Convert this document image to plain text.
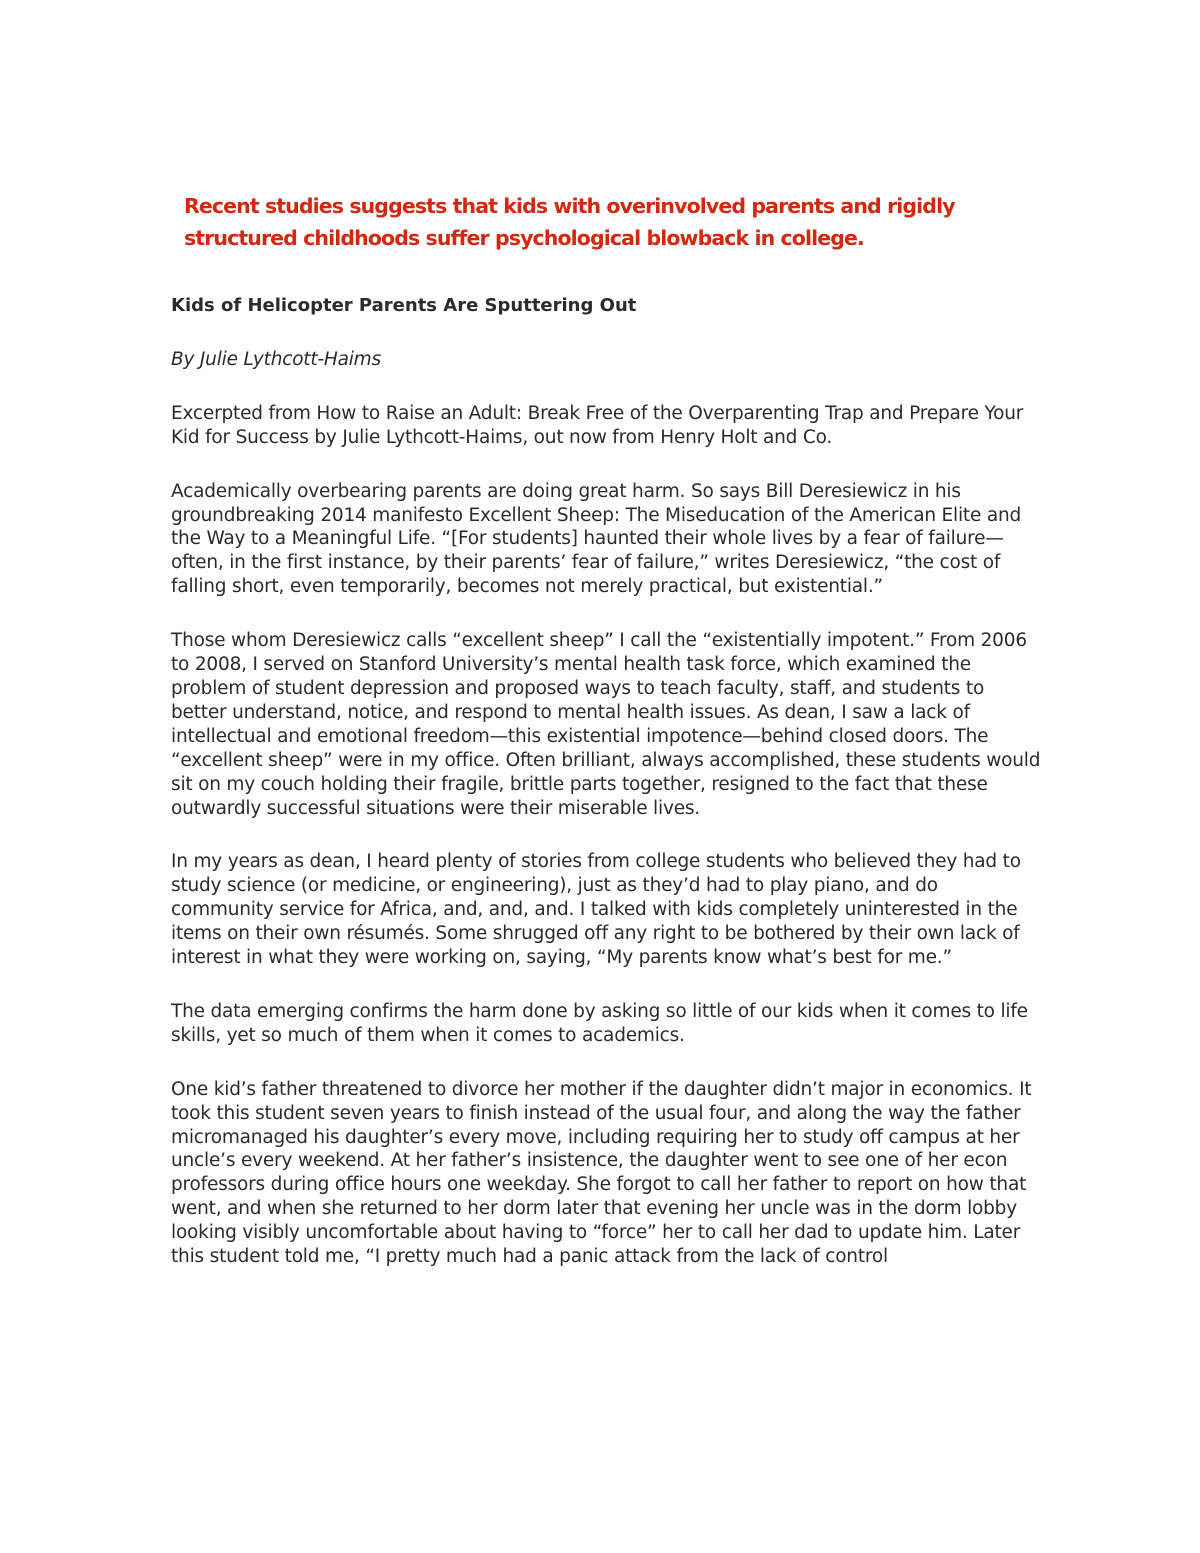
Recent studies suggests that kids with overinvolved parents and rigidly structured childhoods suffer psychological blowback in college.

Kids of Helicopter Parents Are Sputtering Out

By Julie Lythcott-Haims

Excerpted from How to Raise an Adult: Break Free of the Overparenting Trap and Prepare Your Kid for Success by Julie Lythcott-Haims, out now from Henry Holt and Co.

Academically overbearing parents are doing great harm. So says Bill Deresiewicz in his groundbreaking 2014 manifesto Excellent Sheep: The Miseducation of the American Elite and the Way to a Meaningful Life. “[For students] haunted their whole lives by a fear of failure—often, in the first instance, by their parents’ fear of failure,” writes Deresiewicz, “the cost of falling short, even temporarily, becomes not merely practical, but existential.”

Those whom Deresiewicz calls “excellent sheep” I call the “existentially impotent.” From 2006 to 2008, I served on Stanford University’s mental health task force, which examined the problem of student depression and proposed ways to teach faculty, staff, and students to better understand, notice, and respond to mental health issues. As dean, I saw a lack of intellectual and emotional freedom—this existential impotence—behind closed doors. The “excellent sheep” were in my office. Often brilliant, always accomplished, these students would sit on my couch holding their fragile, brittle parts together, resigned to the fact that these outwardly successful situations were their miserable lives.

In my years as dean, I heard plenty of stories from college students who believed they had to study science (or medicine, or engineering), just as they’d had to play piano, and do community service for Africa, and, and, and. I talked with kids completely uninterested in the items on their own résumés. Some shrugged off any right to be bothered by their own lack of interest in what they were working on, saying, “My parents know what’s best for me.”

The data emerging confirms the harm done by asking so little of our kids when it comes to life skills, yet so much of them when it comes to academics.

One kid’s father threatened to divorce her mother if the daughter didn’t major in economics. It took this student seven years to finish instead of the usual four, and along the way the father micromanaged his daughter’s every move, including requiring her to study off campus at her uncle’s every weekend. At her father’s insistence, the daughter went to see one of her econ professors during office hours one weekday. She forgot to call her father to report on how that went, and when she returned to her dorm later that evening her uncle was in the dorm lobby looking visibly uncomfortable about having to “force” her to call her dad to update him. Later this student told me, “I pretty much had a panic attack from the lack of control
